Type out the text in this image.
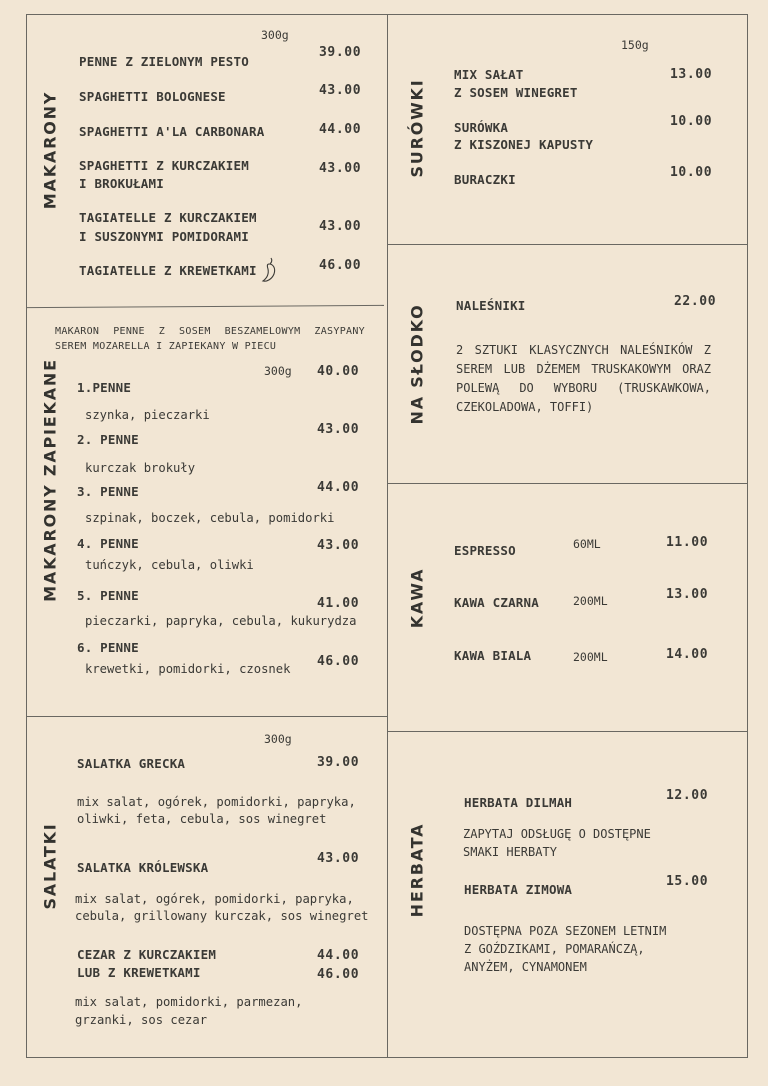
MAKARONY
300g
PENNE Z ZIELONYM PESTO
39.00
SPAGHETTI BOLOGNESE	43.00
SPAGHETTI A'LA CARBONARA	44.00
SPAGHETTI Z KURCZAKIEM
I BROKUŁAMI
43.00
TAGIATELLE Z KURCZAKIEM
I SUSZONYMI POMIDORAMI
43.00
TAGIATELLE Z KREWETKAMI	46.00
MAKARONY ZAPIEKANE
MAKARON PENNE Z SOSEM BESZAMELOWYM ZASYPANY
SEREM MOZARELLA I ZAPIEKANY W PIECU
300g
1.PENNE
szynka, pieczarki
40.00
2. PENNE
kurczak brokuły
43.00
3. PENNE
szpinak, boczek, cebula, pomidorki
44.00
4. PENNE
tuńczyk, cebula, oliwki
43.00
5. PENNE
pieczarki, papryka, cebula, kukurydza
41.00
6. PENNE
krewetki, pomidorki, czosnek 46.00
SALATKI
300g
SALATKA GRECKA	39.00
mix salat, ogórek, pomidorki, papryka,
oliwki, feta, cebula, sos winegret
SALATKA KRÓLEWSKA
43.00
mix salat, ogórek, pomidorki, papryka,
cebula, grillowany kurczak, sos winegret
CEZAR Z KURCZAKIEM
LUB Z KREWETKAMI
44.00
46.00
mix salat, pomidorki, parmezan,
grzanki, sos cezar
SURÓWKI
150g
MIX SAŁAT
Z SOSEM WINEGRET
13.00
SURÓWKA
Z KISZONEJ KAPUSTY
10.00
BURACZKI	10.00
NA SŁODKO NALEŚNIKI	22.00
2 SZTUKI KLASYCZNYCH NALEŚNIKÓW Z
SEREM LUB DŻEMEM TRUSKAKOWYM ORAZ
POLEWĄ DO WYBORU (TRUSKAWKOWA,
CZEKOLADOWA, TOFFI)
KAWA
ESPRESSO	60ML	11.00
KAWA CZARNA	200ML	13.00
KAWA BIALA	200ML	14.00
HERBATA
HERBATA DILMAH	12.00
ZAPYTAJ ODSŁUGĘ O DOSTĘPNE
SMAKI HERBATY
HERBATA ZIMOWA
15.00
DOSTĘPNA POZA SEZONEM LETNIM
Z GOŹDZIKAMI, POMARAŃCZĄ,
ANYŻEM, CYNAMONEM
